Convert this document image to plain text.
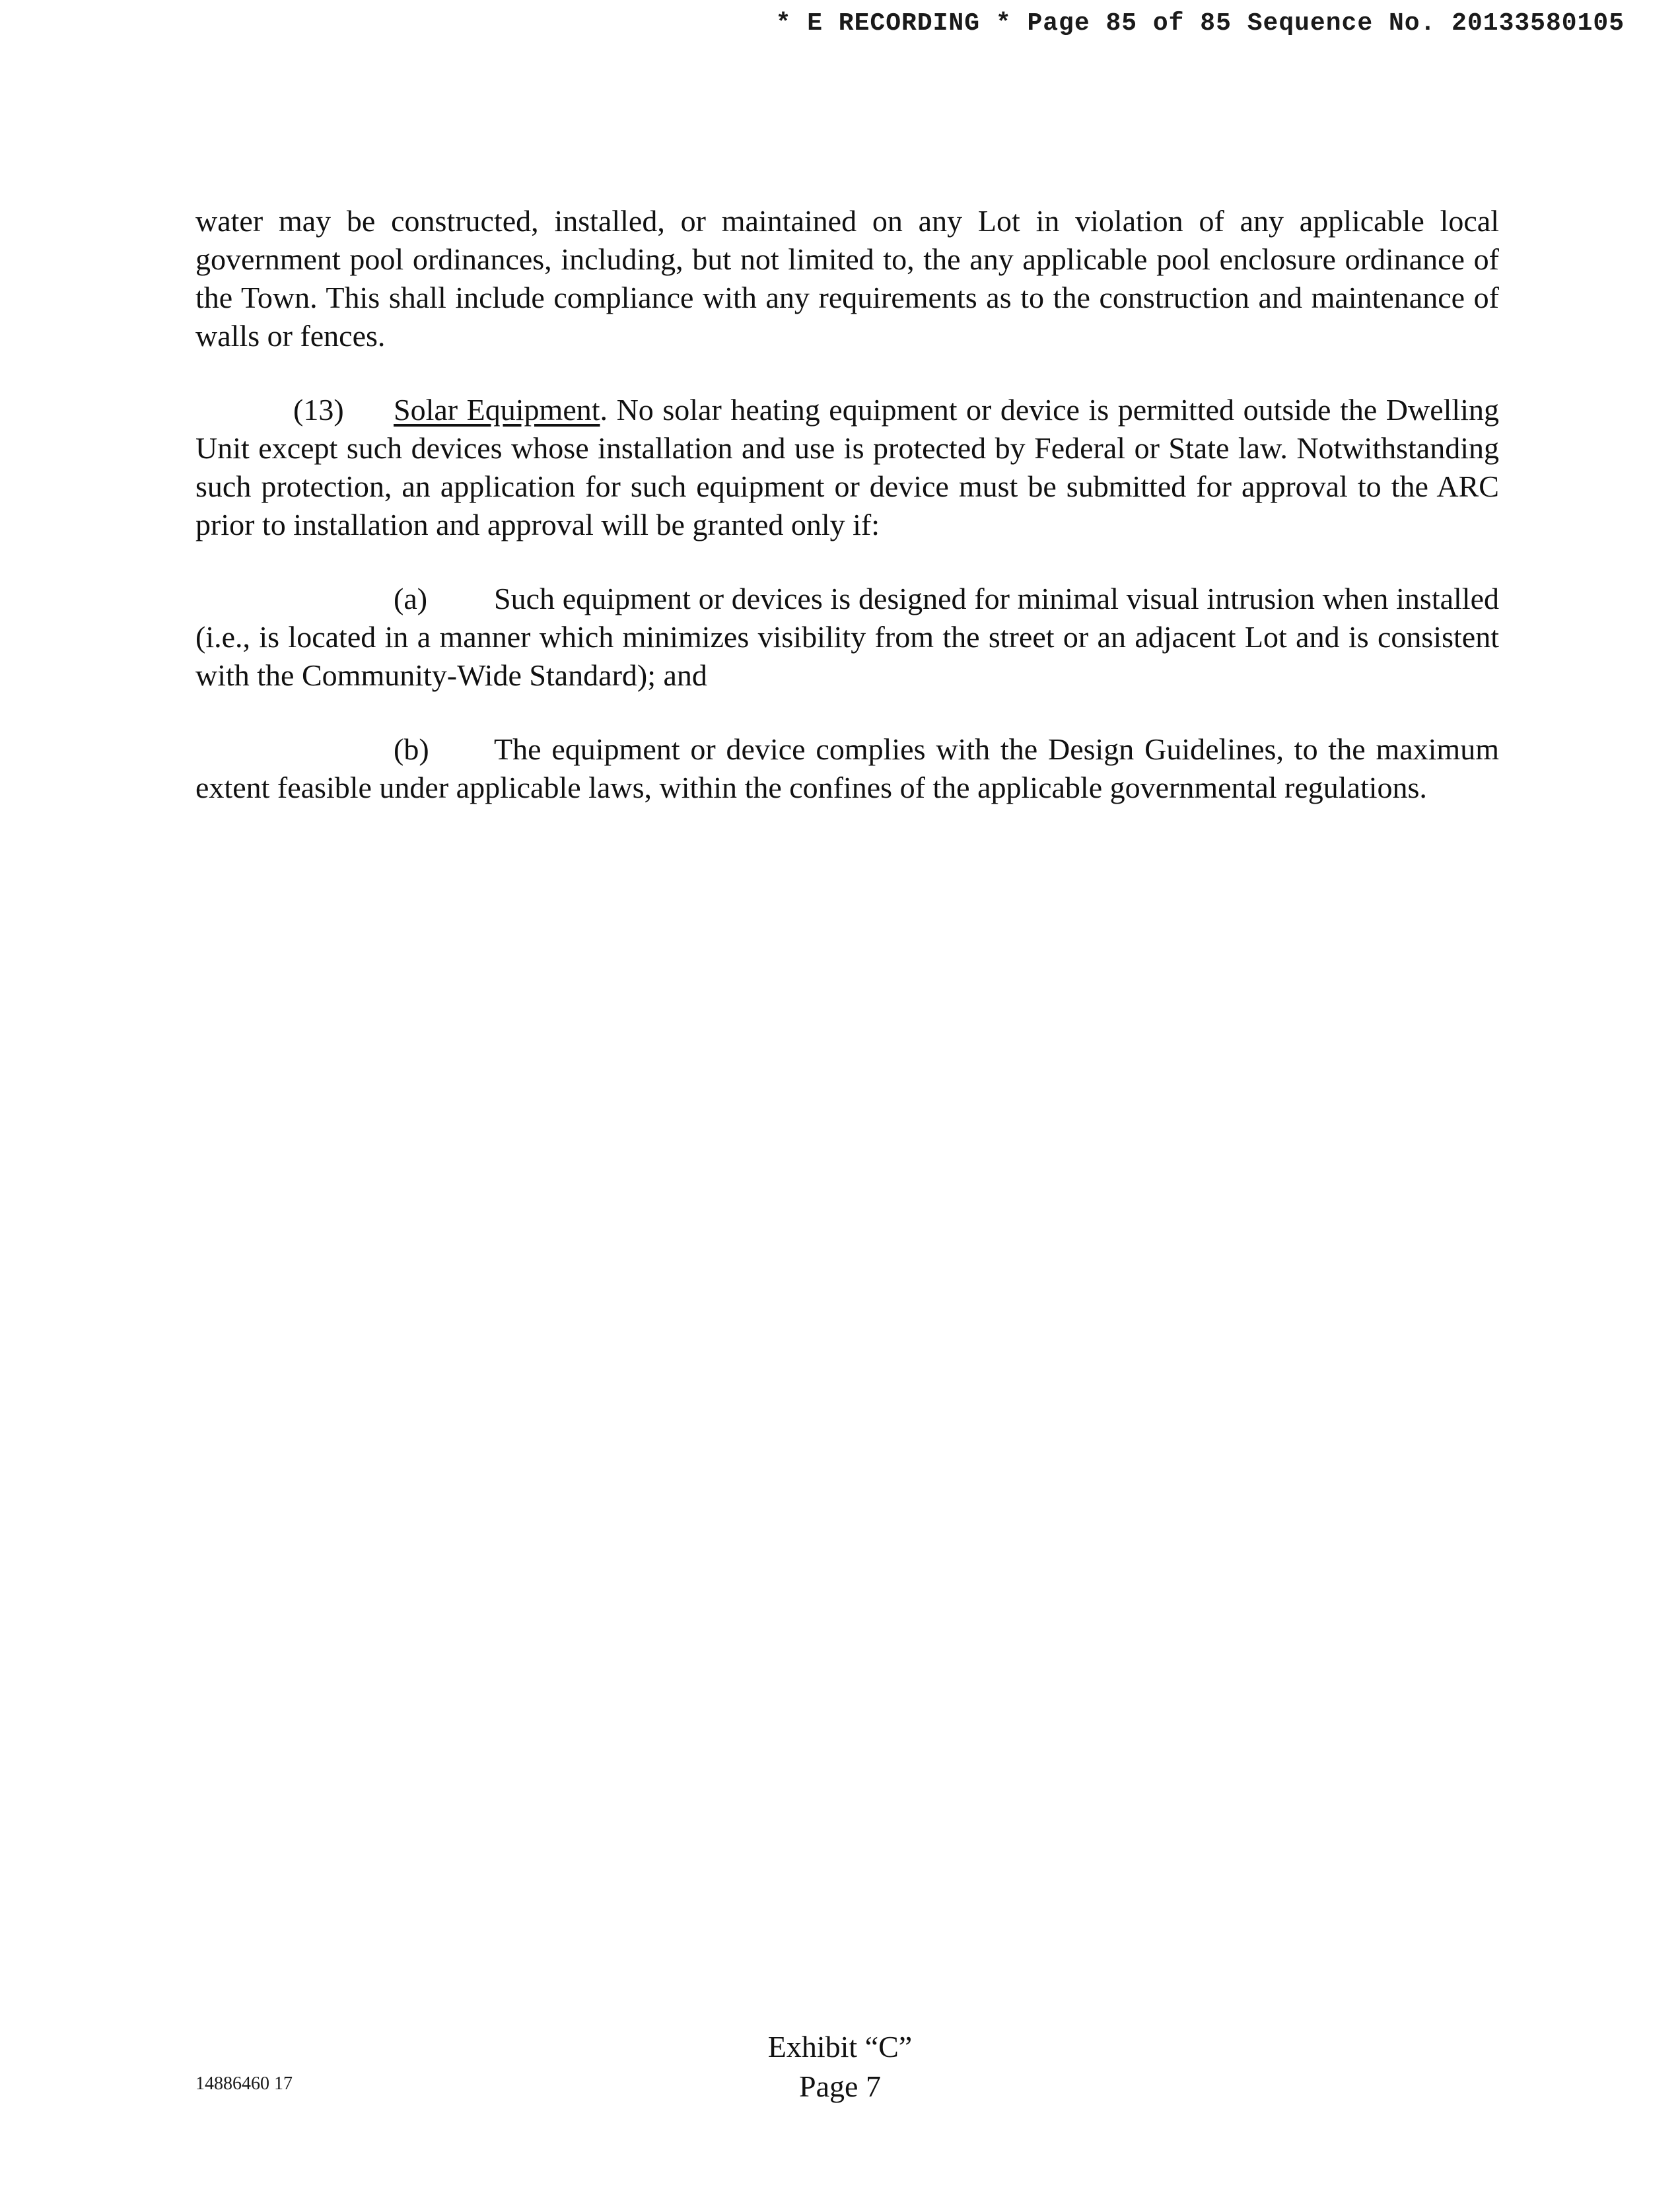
* E RECORDING * Page 85 of 85 Sequence No. 20133580105

water may be constructed, installed, or maintained on any Lot in violation of any applicable local government pool ordinances, including, but not limited to, the any applicable pool enclosure ordinance of the Town. This shall include compliance with any requirements as to the construction and maintenance of walls or fences.

(13) Solar Equipment. No solar heating equipment or device is permitted outside the Dwelling Unit except such devices whose installation and use is protected by Federal or State law. Notwithstanding such protection, an application for such equipment or device must be submitted for approval to the ARC prior to installation and approval will be granted only if:

(a) Such equipment or devices is designed for minimal visual intrusion when installed (i.e., is located in a manner which minimizes visibility from the street or an adjacent Lot and is consistent with the Community-Wide Standard); and

(b) The equipment or device complies with the Design Guidelines, to the maximum extent feasible under applicable laws, within the confines of the applicable governmental regulations.

14886460 17
Exhibit “C”
Page 7
